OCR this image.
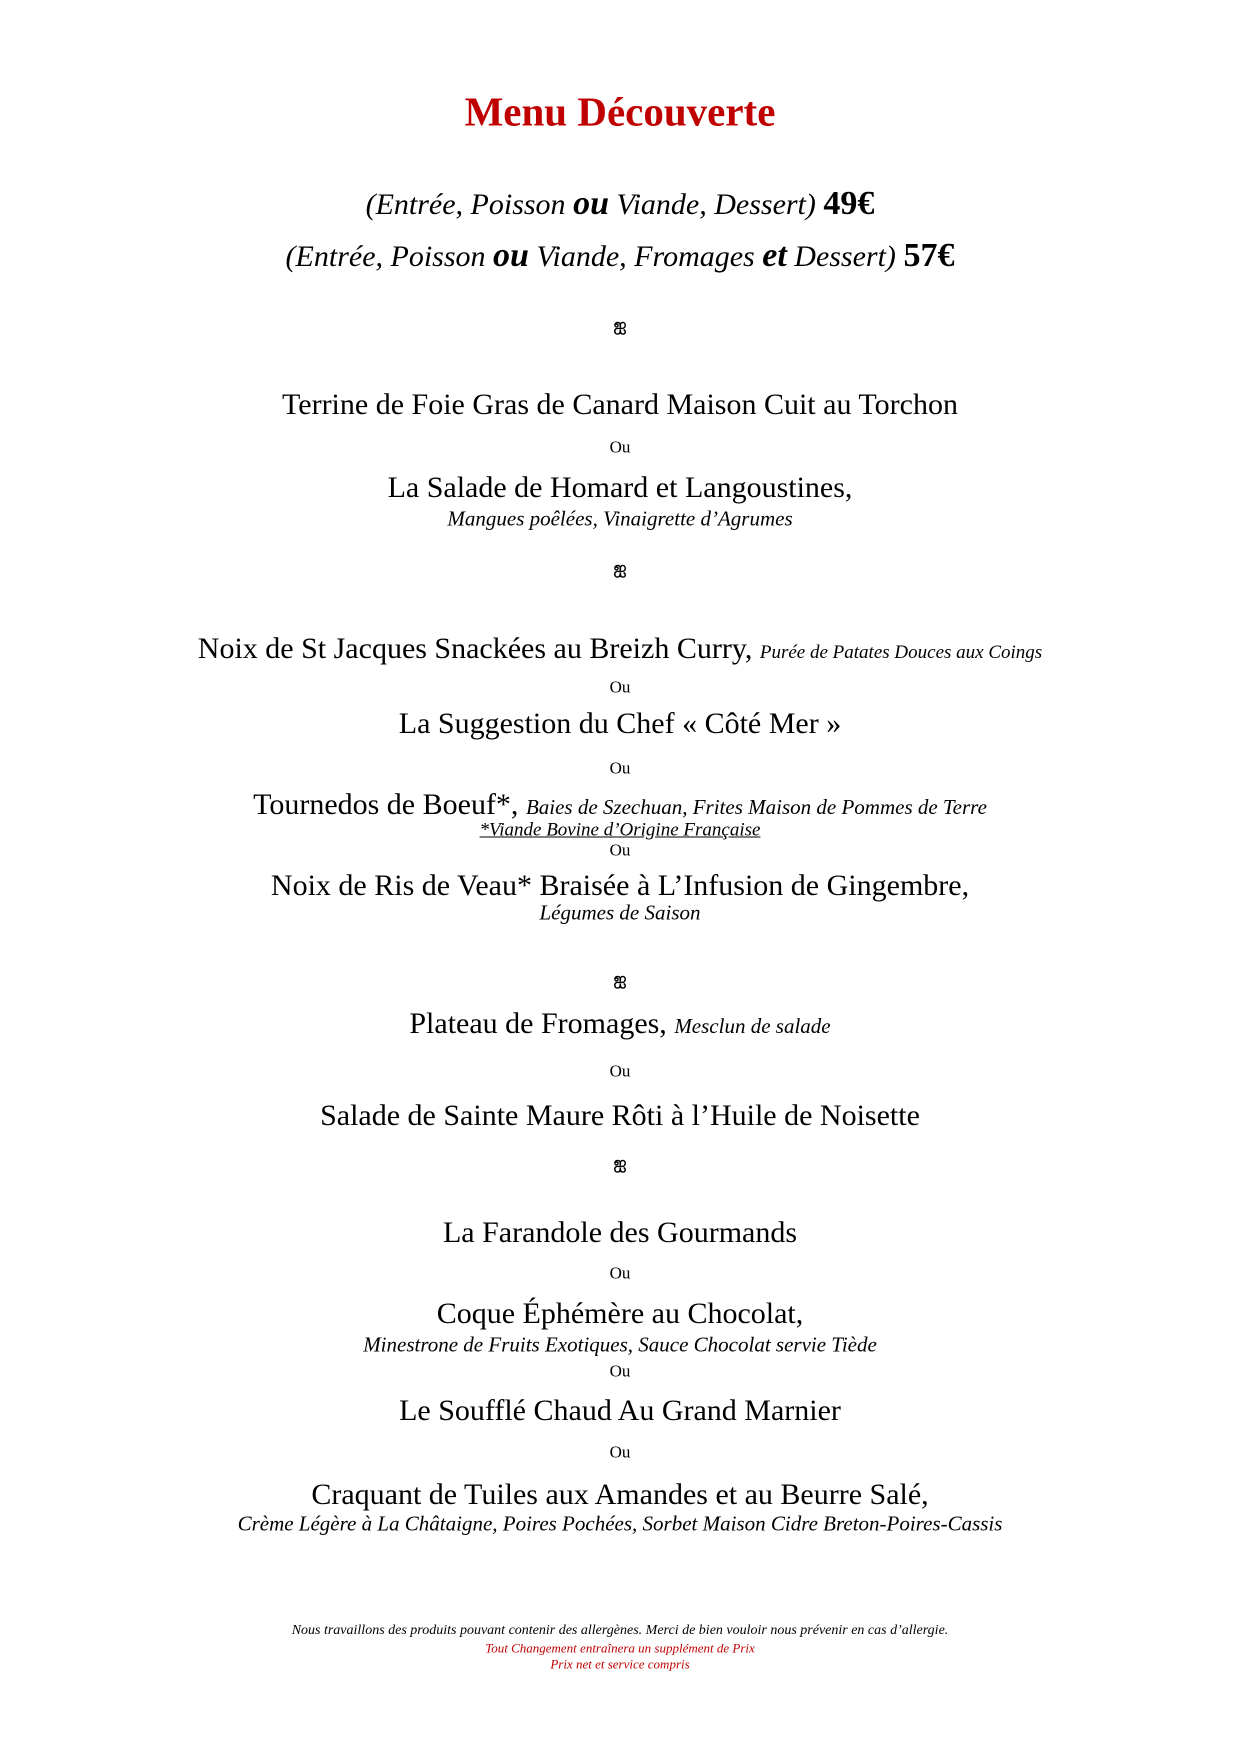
Menu Découverte
(Entrée, Poisson ou Viande, Dessert) 49€
(Entrée, Poisson ou Viande, Fromages et Dessert) 57€
ஐ
Terrine de Foie Gras de Canard Maison Cuit au Torchon
Ou
La Salade de Homard et Langoustines,
Mangues poêlées, Vinaigrette d’Agrumes
ஐ
Noix de St Jacques Snackées au Breizh Curry, Purée de Patates Douces aux Coings
Ou
La Suggestion du Chef « Côté Mer »
Ou
Tournedos de Boeuf*, Baies de Szechuan, Frites Maison de Pommes de Terre
*Viande Bovine d’Origine Française
Ou
Noix de Ris de Veau* Braisée à L’Infusion de Gingembre,
Légumes de Saison
ஐ
Plateau de Fromages, Mesclun de salade
Ou
Salade de Sainte Maure Rôti à l’Huile de Noisette
ஐ
La Farandole des Gourmands
Ou
Coque Éphémère au Chocolat,
Minestrone de Fruits Exotiques, Sauce Chocolat servie Tiède
Ou
Le Soufflé Chaud Au Grand Marnier
Ou
Craquant de Tuiles aux Amandes et au Beurre Salé,
Crème Légère à La Châtaigne, Poires Pochées, Sorbet Maison Cidre Breton-Poires-Cassis
Nous travaillons des produits pouvant contenir des allergènes. Merci de bien vouloir nous prévenir en cas d’allergie.
Tout Changement entraînera un supplément de Prix
Prix net et service compris
